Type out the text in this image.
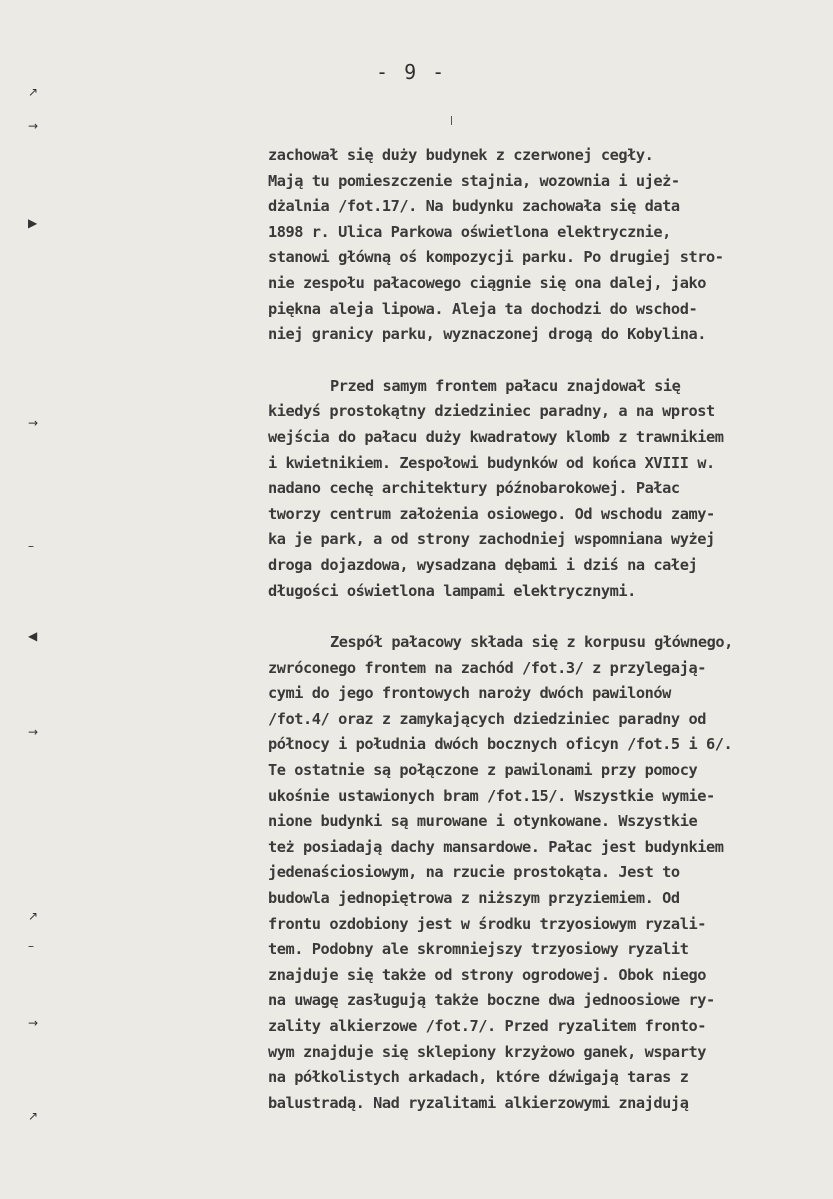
- 9 -
↗
→
▶
→
–
◀
→
↗
–
→
↗
zachował się duży budynek z czerwonej cegły.
Mają tu pomieszczenie stajnia, wozownia i ujeż-
dżalnia /fot.17/. Na budynku zachowała się data
1898 r. Ulica Parkowa oświetlona elektrycznie,
stanowi główną oś kompozycji parku. Po drugiej stro-
nie zespołu pałacowego ciągnie się ona dalej, jako
piękna aleja lipowa. Aleja ta dochodzi do wschod-
niej granicy parku, wyznaczonej drogą do Kobylina.
Przed samym frontem pałacu znajdował się
kiedyś prostokątny dziedziniec paradny, a na wprost
wejścia do pałacu duży kwadratowy klomb z trawnikiem
i kwietnikiem. Zespołowi budynków od końca XVIII w.
nadano cechę architektury późnobarokowej. Pałac
tworzy centrum założenia osiowego. Od wschodu zamy-
ka je park, a od strony zachodniej wspomniana wyżej
droga dojazdowa, wysadzana dębami i dziś na całej
długości oświetlona lampami elektrycznymi.
Zespół pałacowy składa się z korpusu głównego,
zwróconego frontem na zachód /fot.3/ z przylegają-
cymi do jego frontowych naroży dwóch pawilonów
/fot.4/ oraz z zamykających dziedziniec paradny od
północy i południa dwóch bocznych oficyn /fot.5 i 6/.
Te ostatnie są połączone z pawilonami przy pomocy
ukośnie ustawionych bram /fot.15/. Wszystkie wymie-
nione budynki są murowane i otynkowane. Wszystkie
też posiadają dachy mansardowe. Pałac jest budynkiem
jedenaściosiowym, na rzucie prostokąta. Jest to
budowla jednopiętrowa z niższym przyziemiem. Od
frontu ozdobiony jest w środku trzyosiowym ryzali-
tem. Podobny ale skromniejszy trzyosiowy ryzalit
znajduje się także od strony ogrodowej. Obok niego
na uwagę zasługują także boczne dwa jednoosiowe ry-
zality alkierzowe /fot.7/. Przed ryzalitem fronto-
wym znajduje się sklepiony krzyżowo ganek, wsparty
na półkolistych arkadach, które dźwigają taras z
balustradą. Nad ryzalitami alkierzowymi znajdują
